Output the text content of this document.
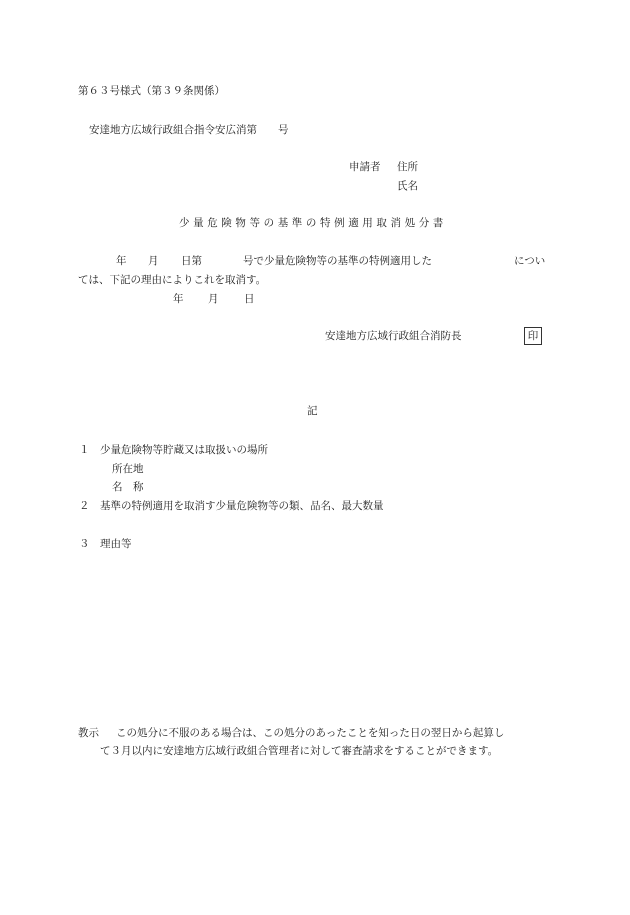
第６３号様式（第３９条関係）
安達地方広域行政組合指令安広消第　　号
申請者 住所
氏名
少量危険物等の基準の特例適用取消処分書
年 月 日第	号で少量危険物等の基準の特例適用した	につい
ては、下記の理由によりこれを取消す。
年 月 日
安達地方広域行政組合消防長	印
記
１ 少量危険物等貯蔵又は取扱いの場所
所在地
名　称
２ 基準の特例適用を取消す少量危険物等の類、品名、最大数量
３ 理由等
教示 この処分に不服のある場合は、この処分のあったことを知った日の翌日から起算し
て３月以内に安達地方広域行政組合管理者に対して審査請求をすることができます。
